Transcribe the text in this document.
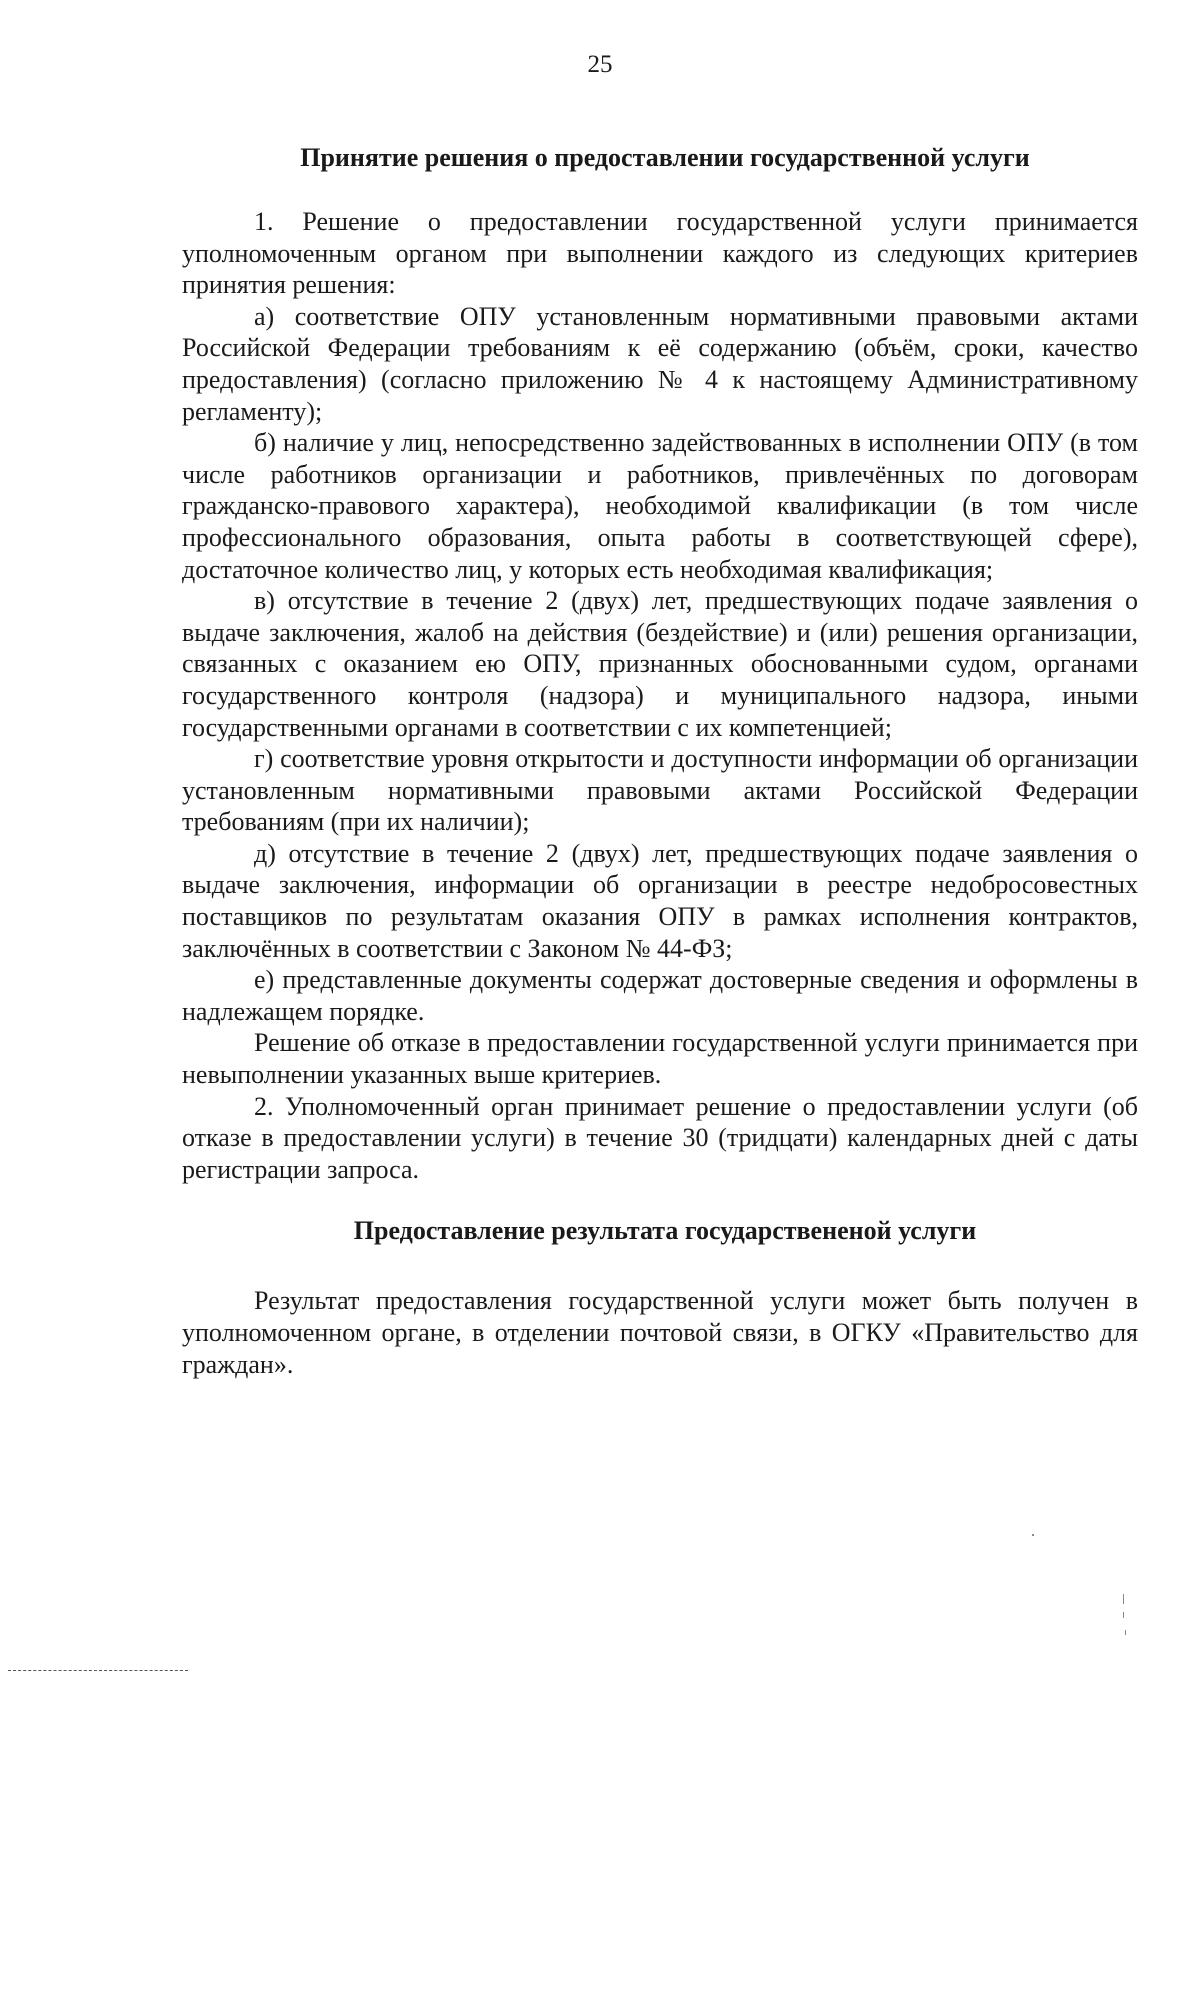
25
Принятие решения о предоставлении государственной услуги

1. Решение о предоставлении государственной услуги принимается уполномоченным органом при выполнении каждого из следующих критериев принятия решения:

а) соответствие ОПУ установленным нормативными правовыми актами Российской Федерации требованиям к её содержанию (объём, сроки, качество предоставления) (согласно приложению № 4 к настоящему Административному регламенту);

б) наличие у лиц, непосредственно задействованных в исполнении ОПУ (в том числе работников организации и работников, привлечённых по договорам гражданско-правового характера), необходимой квалификации (в том числе профессионального образования, опыта работы в соответствующей сфере), достаточное количество лиц, у которых есть необходимая квалификация;

в) отсутствие в течение 2 (двух) лет, предшествующих подаче заявления о выдаче заключения, жалоб на действия (бездействие) и (или) решения организации, связанных с оказанием ею ОПУ, признанных обоснованными судом, органами государственного контроля (надзора) и муниципального надзора, иными государственными органами в соответствии с их компетенцией;

г) соответствие уровня открытости и доступности информации об организации установленным нормативными правовыми актами Российской Федерации требованиям (при их наличии);

д) отсутствие в течение 2 (двух) лет, предшествующих подаче заявления о выдаче заключения, информации об организации в реестре недобросовестных поставщиков по результатам оказания ОПУ в рамках исполнения контрактов, заключённых в соответствии с Законом № 44-ФЗ;

е) представленные документы содержат достоверные сведения и оформлены в надлежащем порядке.

Решение об отказе в предоставлении государственной услуги принимается при невыполнении указанных выше критериев.

2. Уполномоченный орган принимает решение о предоставлении услуги (об отказе в предоставлении услуги) в течение 30 (тридцати) календарных дней с даты регистрации запроса.

Предоставление результата государствененой услуги

Результат предоставления государственной услуги может быть получен в уполномоченном органе, в отделении почтовой связи, в ОГКУ «Правительство для граждан».
